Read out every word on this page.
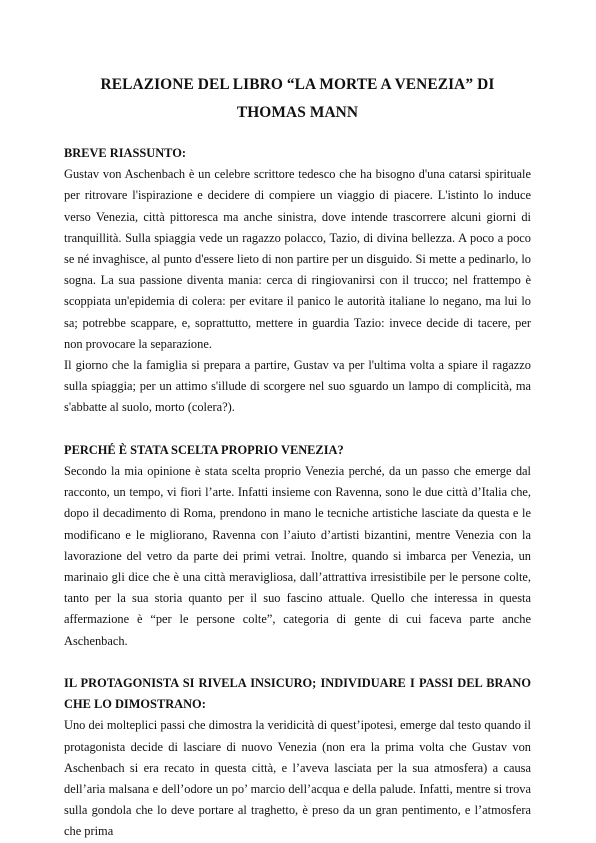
RELAZIONE DEL LIBRO “LA MORTE A VENEZIA” DI
THOMAS MANN

BREVE RIASSUNTO:

Gustav von Aschenbach è un celebre scrittore tedesco che ha bisogno d'una catarsi spirituale per ritrovare l'ispirazione e decidere di compiere un viaggio di piacere. L'istinto lo induce verso Venezia, città pittoresca ma anche sinistra, dove intende trascorrere alcuni giorni di tranquillità. Sulla spiaggia vede un ragazzo polacco, Tazio, di divina bellezza. A poco a poco se né invaghisce, al punto d'essere lieto di non partire per un disguido. Si mette a pedinarlo, lo sogna. La sua passione diventa mania: cerca di ringiovanirsi con il trucco; nel frattempo è scoppiata un'epidemia di colera: per evitare il panico le autorità italiane lo negano, ma lui lo sa; potrebbe scappare, e, soprattutto, mettere in guardia Tazio: invece decide di tacere, per non provocare la separazione.

Il giorno che la famiglia si prepara a partire, Gustav va per l'ultima volta a spiare il ragazzo sulla spiaggia; per un attimo s'illude di scorgere nel suo sguardo un lampo di complicità, ma s'abbatte al suolo, morto (colera?).

PERCHÉ È STATA SCELTA PROPRIO VENEZIA?

Secondo la mia opinione è stata scelta proprio Venezia perché, da un passo che emerge dal racconto, un tempo, vi fiori l’arte. Infatti insieme con Ravenna, sono le due città d’Italia che, dopo il decadimento di Roma, prendono in mano le tecniche artistiche lasciate da questa e le modificano e le migliorano, Ravenna con l’aiuto d’artisti bizantini, mentre Venezia con la lavorazione del vetro da parte dei primi vetrai. Inoltre, quando si imbarca per Venezia, un marinaio gli dice che è una città meravigliosa, dall’attrattiva irresistibile per le persone colte, tanto per la sua storia quanto per il suo fascino attuale. Quello che interessa in questa affermazione è “per le persone colte”, categoria di gente di cui faceva parte anche Aschenbach.

IL PROTAGONISTA SI RIVELA INSICURO; INDIVIDUARE I PASSI DEL BRANO CHE LO DIMOSTRANO:

Uno dei molteplici passi che dimostra la veridicità di quest’ipotesi, emerge dal testo quando il protagonista decide di lasciare di nuovo Venezia (non era la prima volta che Gustav von Aschenbach si era recato in questa città, e l’aveva lasciata per la sua atmosfera) a causa dell’aria malsana e dell’odore un po’ marcio dell’acqua e della palude. Infatti, mentre si trova sulla gondola che lo deve portare al traghetto, è preso da un gran pentimento, e l’atmosfera che prima
